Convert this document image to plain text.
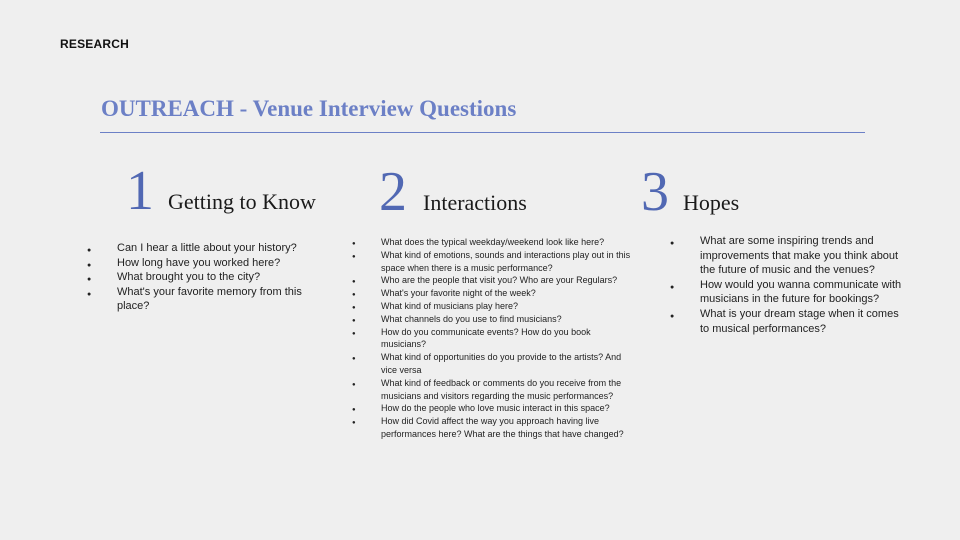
RESEARCH
OUTREACH - Venue Interview Questions
1 Getting to Know 2 Interactions 3 Hopes
● Can I hear a little about your history?
● How long have you worked here?
● What brought you to the city?
● What's your favorite memory from this place?
● What does the typical weekday/weekend look like here?
● What kind of emotions, sounds and interactions play out in this space when there is a music performance?
● Who are the people that visit you? Who are your Regulars?
● What's your favorite night of the week?
● What kind of musicians play here?
● What channels do you use to find musicians?
● How do you communicate events? How do you book musicians?
● What kind of opportunities do you provide to the artists? And vice versa
● What kind of feedback or comments do you receive from the musicians and visitors regarding the music performances?
● How do the people who love music interact in this space?
● How did Covid affect the way you approach having live performances here? What are the things that have changed?
● What are some inspiring trends and improvements that make you think about the future of music and the venues?
● How would you wanna communicate with musicians in the future for bookings?
● What is your dream stage when it comes to musical performances?
